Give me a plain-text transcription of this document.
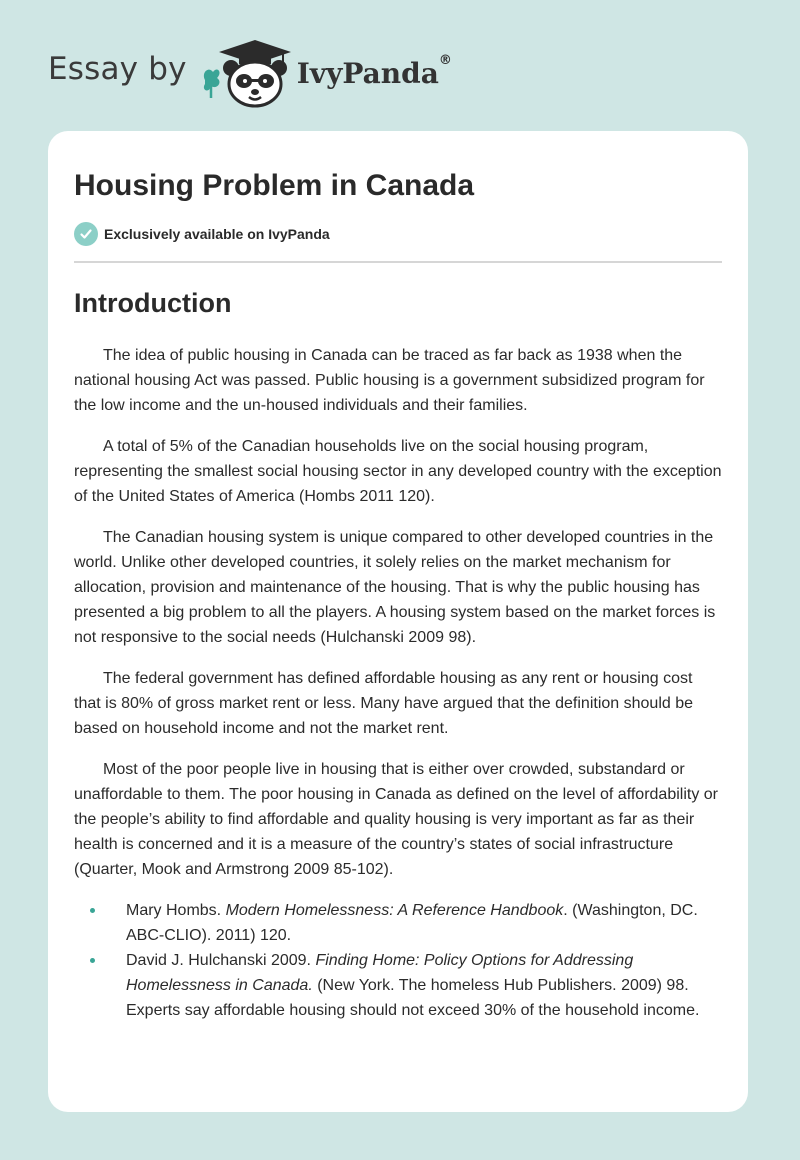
Essay by	IvyPanda®
Housing Problem in Canada
Exclusively available on IvyPanda
Introduction

The idea of public housing in Canada can be traced as far back as 1938 when the national housing Act was passed. Public housing is a government subsidized program for the low income and the un-housed individuals and their families.

A total of 5% of the Canadian households live on the social housing program, representing the smallest social housing sector in any developed country with the exception of the United States of America (Hombs 2011 120).

The Canadian housing system is unique compared to other developed countries in the world. Unlike other developed countries, it solely relies on the market mechanism for allocation, provision and maintenance of the housing. That is why the public housing has presented a big problem to all the players. A housing system based on the market forces is not responsive to the social needs (Hulchanski 2009 98).

The federal government has defined affordable housing as any rent or housing cost that is 80% of gross market rent or less. Many have argued that the definition should be based on household income and not the market rent.

Most of the poor people live in housing that is either over crowded, substandard or unaffordable to them. The poor housing in Canada as defined on the level of affordability or the people’s ability to find affordable and quality housing is very important as far as their health is concerned and it is a measure of the country’s states of social infrastructure (Quarter, Mook and Armstrong 2009 85-102).

Mary Hombs. Modern Homelessness: A Reference Handbook. (Washington, DC. ABC-CLIO). 2011) 120.
David J. Hulchanski 2009. Finding Home: Policy Options for Addressing Homelessness in Canada. (New York. The homeless Hub Publishers. 2009) 98. Experts say affordable housing should not exceed 30% of the household income.
